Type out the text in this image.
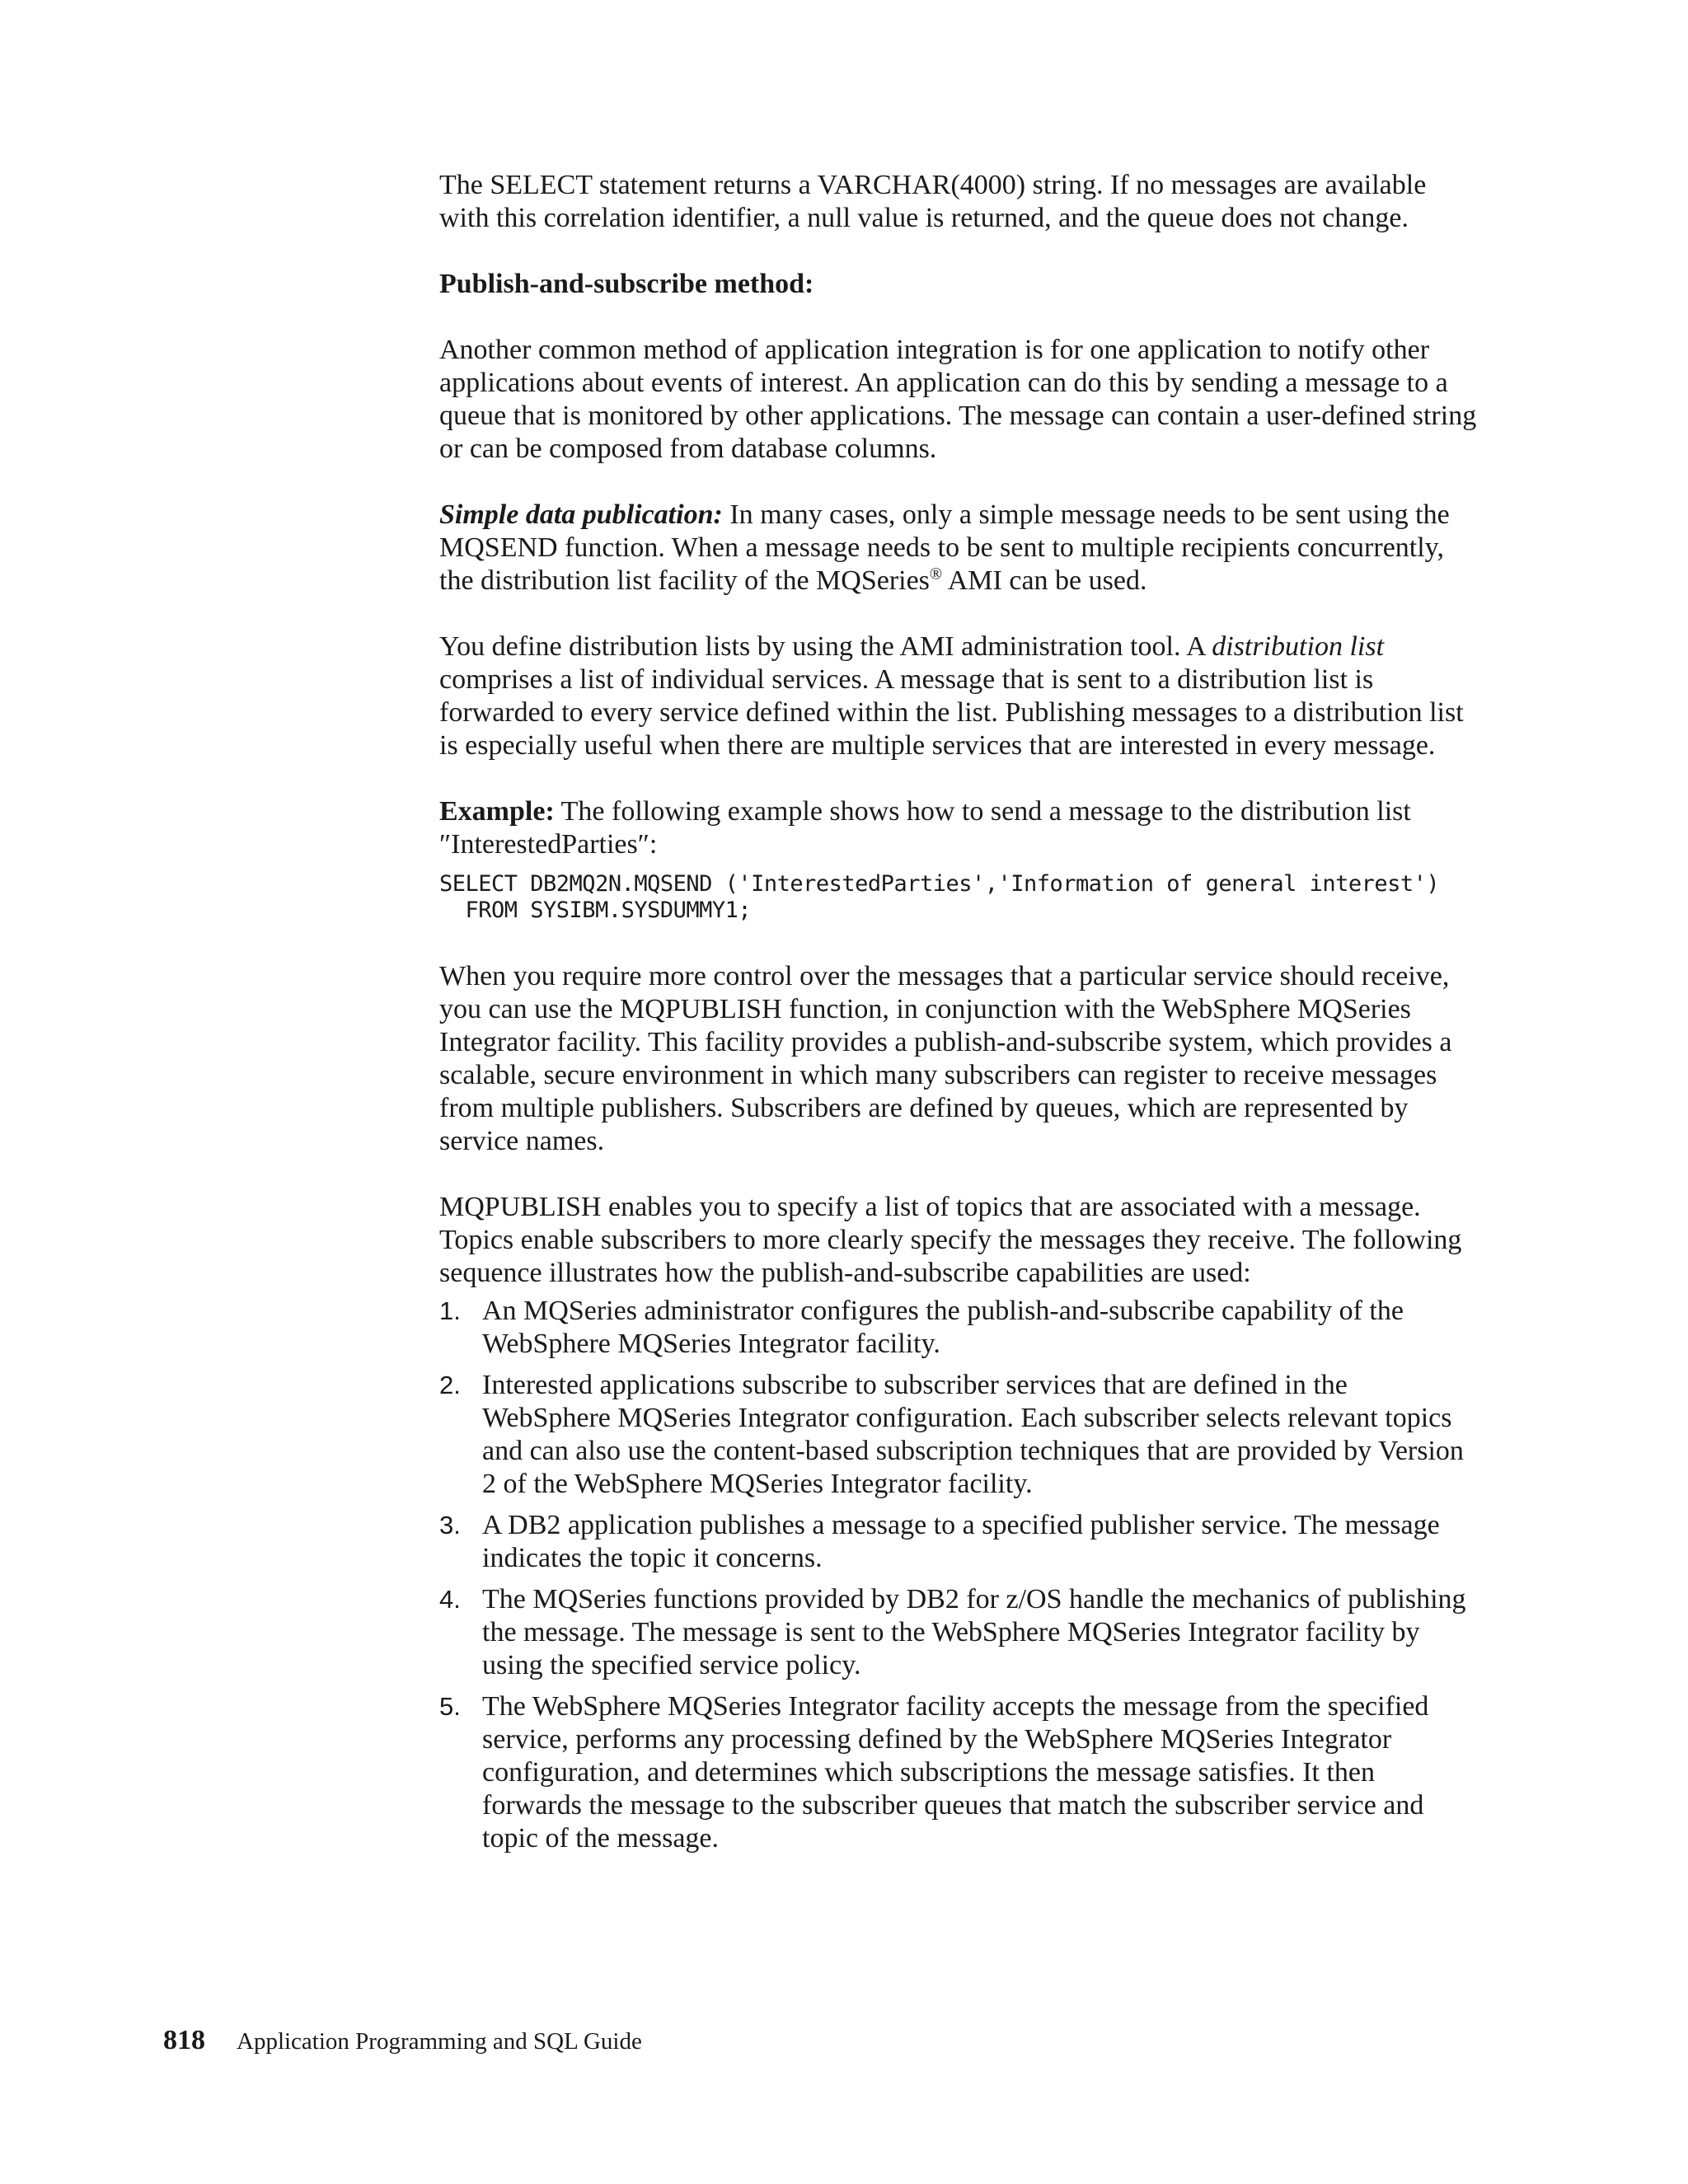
The SELECT statement returns a VARCHAR(4000) string. If no messages are available with this correlation identifier, a null value is returned, and the queue does not change.

Publish-and-subscribe method:

Another common method of application integration is for one application to notify other applications about events of interest. An application can do this by sending a message to a queue that is monitored by other applications. The message can contain a user-defined string or can be composed from database columns.

Simple data publication: In many cases, only a simple message needs to be sent using the MQSEND function. When a message needs to be sent to multiple recipients concurrently, the distribution list facility of the MQSeries® AMI can be used.

You define distribution lists by using the AMI administration tool. A distribution list comprises a list of individual services. A message that is sent to a distribution list is forwarded to every service defined within the list. Publishing messages to a distribution list is especially useful when there are multiple services that are interested in every message.

Example: The following example shows how to send a message to the distribution list ″InterestedParties″:

SELECT DB2MQ2N.MQSEND ('InterestedParties','Information of general interest')
FROM SYSIBM.SYSDUMMY1;

When you require more control over the messages that a particular service should receive, you can use the MQPUBLISH function, in conjunction with the WebSphere MQSeries Integrator facility. This facility provides a publish-and-subscribe system, which provides a scalable, secure environment in which many subscribers can register to receive messages from multiple publishers. Subscribers are defined by queues, which are represented by service names.

MQPUBLISH enables you to specify a list of topics that are associated with a message. Topics enable subscribers to more clearly specify the messages they receive. The following sequence illustrates how the publish-and-subscribe capabilities are used:

1. An MQSeries administrator configures the publish-and-subscribe capability of the WebSphere MQSeries Integrator facility.
2. Interested applications subscribe to subscriber services that are defined in the WebSphere MQSeries Integrator configuration. Each subscriber selects relevant topics and can also use the content-based subscription techniques that are provided by Version 2 of the WebSphere MQSeries Integrator facility.
3. A DB2 application publishes a message to a specified publisher service. The message indicates the topic it concerns.
4. The MQSeries functions provided by DB2 for z/OS handle the mechanics of publishing the message. The message is sent to the WebSphere MQSeries Integrator facility by using the specified service policy.
5. The WebSphere MQSeries Integrator facility accepts the message from the specified service, performs any processing defined by the WebSphere MQSeries Integrator configuration, and determines which subscriptions the message satisfies. It then forwards the message to the subscriber queues that match the subscriber service and topic of the message.
818 Application Programming and SQL Guide
